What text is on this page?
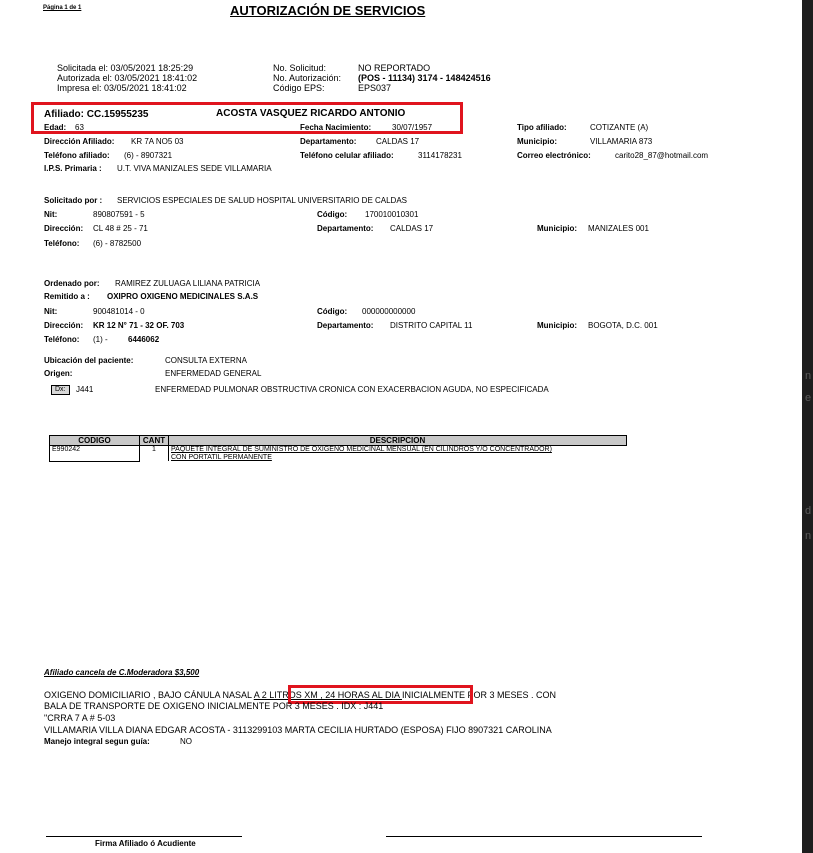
n
e
d
n
Página 1 de 1	AUTORIZACIÓN DE SERVICIOS
Solicitada el: 03/05/2021 18:25:29
Autorizada el: 03/05/2021 18:41:02
Impresa el: 03/05/2021 18:41:02
No. Solicitud:	NO REPORTADO
No. Autorización: (POS - 11134) 3174 - 148424516
Código EPS:	EPS037
Afiliado: CC.15955235	ACOSTA VASQUEZ RICARDO ANTONIO
Edad: 63	Fecha Nacimiento:	30/07/1957	Tipo afiliado:	COTIZANTE (A)
Dirección Afiliado: KR 7A NO5 03	Departamento: CALDAS 17	Municipio:	VILLAMARIA 873
Teléfono afiliado: (6) - 8907321	Teléfono celular afiliado:	3114178231	Correo electrónico:	carito28_87@hotmail.com
I.P.S. Primaria : U.T. VIVA MANIZALES SEDE VILLAMARIA
Solicitado por : SERVICIOS ESPECIALES DE SALUD HOSPITAL UNIVERSITARIO DE CALDAS
Nit:	890807591 - 5	Código: 170010010301
Dirección: CL 48 # 25 - 71	Departamento: CALDAS 17	Municipio: MANIZALES 001
Teléfono: (6) - 8782500
Ordenado por: RAMIREZ ZULUAGA LILIANA PATRICIA
Remitido a : OXIPRO OXIGENO MEDICINALES S.A.S
Nit:	900481014 - 0	Código: 000000000000
Dirección: KR 12 N° 71 - 32 OF. 703	Departamento: DISTRITO CAPITAL 11	Municipio: BOGOTA, D.C. 001
Teléfono: (1) -	6446062
Ubicación del paciente:	CONSULTA EXTERNA
Origen:	ENFERMEDAD GENERAL
Dx:	J441	ENFERMEDAD PULMONAR OBSTRUCTIVA CRONICA CON EXACERBACION AGUDA, NO ESPECIFICADA
CODIGO	CANT	DESCRIPCION
E990242	1	PAQUETE INTEGRAL DE SUMINISTRO DE OXIGENO MEDICINAL MENSUAL (EN CILINDROS Y/O CONCENTRADOR)
CON PORTATIL PERMANENTE
Afiliado cancela de C.Moderadora $3,500
OXIGENO DOMICILIARIO , BAJO CÁNULA NASAL A 2 LITROS XM , 24 HORAS AL DIA INICIALMENTE POR 3 MESES . CON
BALA DE TRANSPORTE DE OXIGENO INICIALMENTE POR 3 MESES . IDX : J441
"CRRA 7 A # 5-03
VILLAMARIA VILLA DIANA EDGAR ACOSTA - 3113299103 MARTA CECILIA HURTADO (ESPOSA) FIJO 8907321 CAROLINA
Manejo integral segun guía:	NO
Firma Afiliado ó Acudiente
